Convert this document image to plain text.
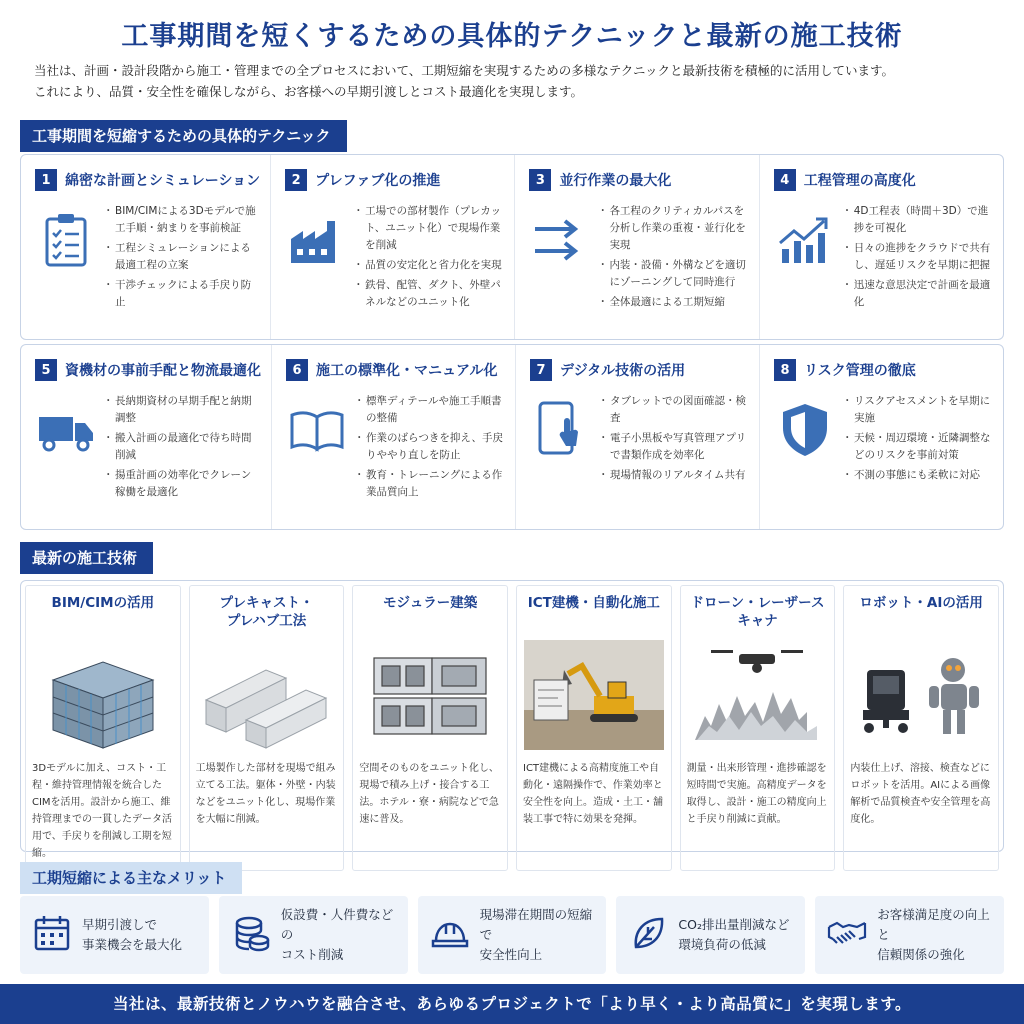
工事期間を短くするための具体的テクニックと最新の施工技術
当社は、計画・設計段階から施工・管理までの全プロセスにおいて、工期短縮を実現するための多様なテクニックと最新技術を積極的に活用しています。
これにより、品質・安全性を確保しながら、お客様への早期引渡しとコスト最適化を実現します。
工事期間を短縮するための具体的テクニック
1	綿密な計画とシミュレーション
・ BIM/CIMによる3Dモデルで施工手順・納まりを事前検証
・ 工程シミュレーションによる最適工程の立案
・ 干渉チェックによる手戻り防止
2	プレファブ化の推進
・ 工場での部材製作（プレカット、ユニット化）で現場作業を削減
・ 品質の安定化と省力化を実現
・ 鉄骨、配管、ダクト、外壁パネルなどのユニット化
3	並行作業の最大化
・ 各工程のクリティカルパスを分析し作業の重複・並行化を実現
・ 内装・設備・外構などを適切にゾーニングして同時進行
・ 全体最適による工期短縮
4	工程管理の高度化
・ 4D工程表（時間＋3D）で進捗を可視化
・ 日々の進捗をクラウドで共有し、遅延リスクを早期に把握
・ 迅速な意思決定で計画を最適化
5	資機材の事前手配と物流最適化
・ 長納期資材の早期手配と納期調整
・ 搬入計画の最適化で待ち時間削減
・ 揚重計画の効率化でクレーン稼働を最適化
6	施工の標準化・マニュアル化
・ 標準ディテールや施工手順書の整備
・ 作業のばらつきを抑え、手戻りややり直しを防止
・ 教育・トレーニングによる作業品質向上
7	デジタル技術の活用
・ タブレットでの図面確認・検査
・ 電子小黒板や写真管理アプリで書類作成を効率化
・ 現場情報のリアルタイム共有
8	リスク管理の徹底
・ リスクアセスメントを早期に実施
・ 天候・周辺環境・近隣調整などのリスクを事前対策
・ 不測の事態にも柔軟に対応
最新の施工技術
BIM/CIMの活用
3Dモデルに加え、コスト・工程・維持管理情報を統合したCIMを活用。設計から施工、維持管理までの一貫したデータ活用で、手戻りを削減し工期を短縮。
プレキャスト・
プレハブ工法
工場製作した部材を現場で組み立てる工法。躯体・外壁・内装などをユニット化し、現場作業を大幅に削減。
モジュラー建築
空間そのものをユニット化し、現場で積み上げ・接合する工法。ホテル・寮・病院などで急速に普及。
ICT建機・自動化施工
ICT建機による高精度施工や自動化・遠隔操作で、作業効率と安全性を向上。造成・土工・舗装工事で特に効果を発揮。
ドローン・レーザースキャナ
測量・出来形管理・進捗確認を短時間で実施。高精度データを取得し、設計・施工の精度向上と手戻り削減に貢献。
ロボット・AIの活用
内装仕上げ、溶接、検査などにロボットを活用。AIによる画像解析で品質検査や安全管理を高度化。
工期短縮による主なメリット
早期引渡しで
事業機会を最大化
仮設費・人件費などの
コスト削減
現場滞在期間の短縮で
安全性向上
CO₂排出量削減など
環境負荷の低減
お客様満足度の向上と
信頼関係の強化
当社は、最新技術とノウハウを融合させ、あらゆるプロジェクトで「より早く・より高品質に」を実現します。
